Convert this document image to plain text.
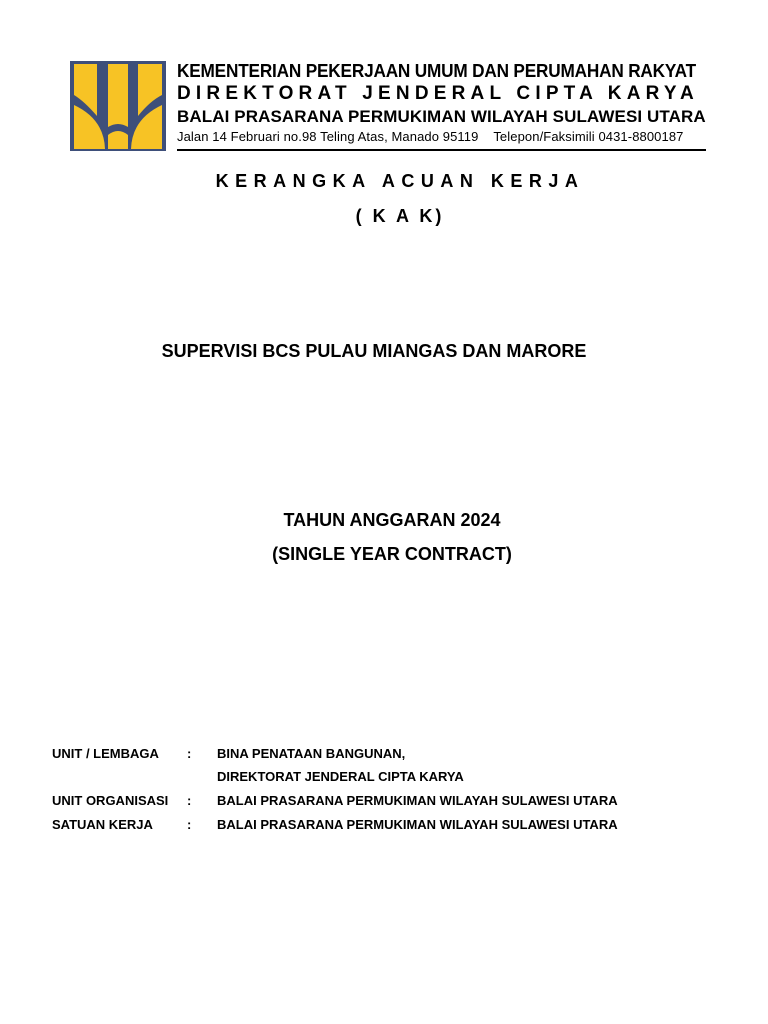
KEMENTERIAN PEKERJAAN UMUM DAN PERUMAHAN RAKYAT
DIREKTORAT JENDERAL CIPTA KARYA
BALAI PRASARANA PERMUKIMAN WILAYAH SULAWESI UTARA
Jalan 14 Februari no.98 Teling Atas, Manado 95119 Telepon/Faksimili 0431-8800187
KERANGKA ACUAN KERJA
( K A K)
SUPERVISI BCS PULAU MIANGAS DAN MARORE
TAHUN ANGGARAN 2024
(SINGLE YEAR CONTRACT)
UNIT / LEMBAGA : BINA PENATAAN BANGUNAN,
DIREKTORAT JENDERAL CIPTA KARYA
UNIT ORGANISASI : BALAI PRASARANA PERMUKIMAN WILAYAH SULAWESI UTARA
SATUAN KERJA	: BALAI PRASARANA PERMUKIMAN WILAYAH SULAWESI UTARA
